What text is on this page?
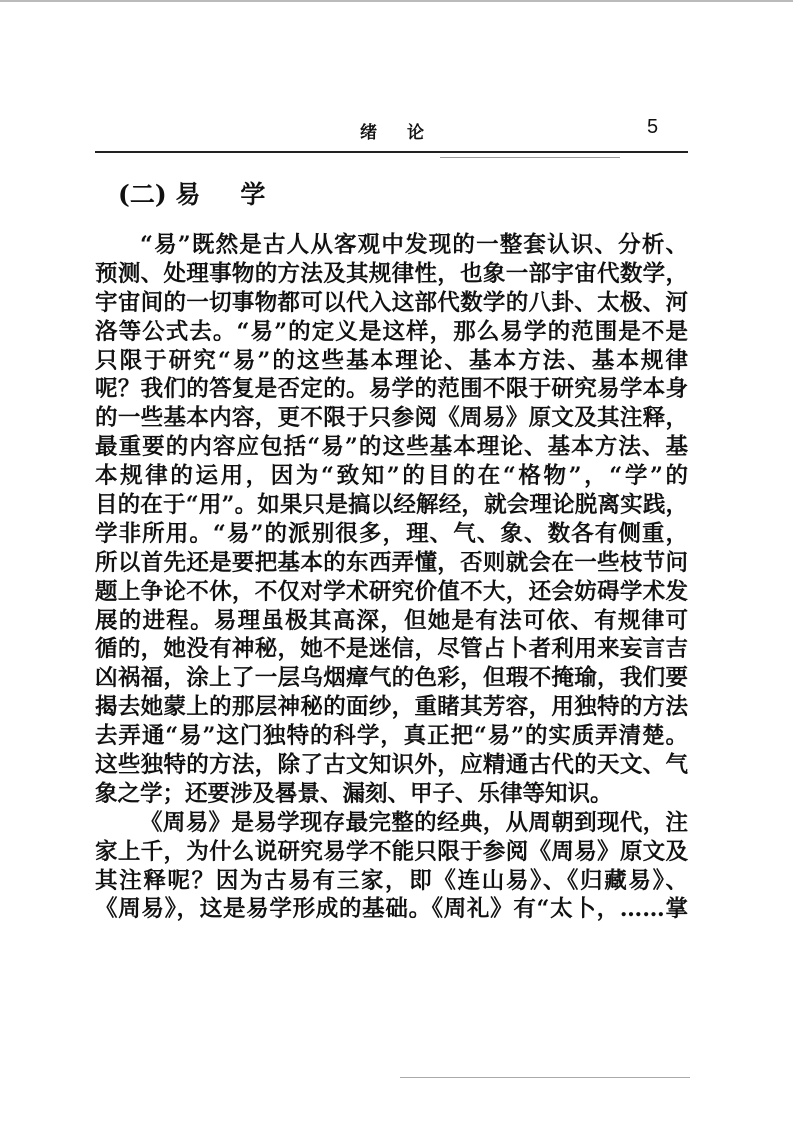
绪论	5
(二) 易 学
“易”既然是古人从客观中发现的一整套认识、分析、
预测、处理事物的方法及其规律性，也象一部宇宙代数学，
宇宙间的一切事物都可以代入这部代数学的八卦、太极、河
洛等公式去。“易”的定义是这样，那么易学的范围是不是
只限于研究“易”的这些基本理论、基本方法、基本规律
呢？我们的答复是否定的。易学的范围不限于研究易学本身
的一些基本内容，更不限于只参阅《周易》原文及其注释，
最重要的内容应包括“易”的这些基本理论、基本方法、基
本规律的运用，因为“致知”的目的在“格物”，“学”的
目的在于“用”。如果只是搞以经解经，就会理论脱离实践，
学非所用。“易”的派别很多，理、气、象、数各有侧重，
所以首先还是要把基本的东西弄懂，否则就会在一些枝节问
题上争论不休，不仅对学术研究价值不大，还会妨碍学术发
展的进程。易理虽极其高深，但她是有法可依、有规律可
循的，她没有神秘，她不是迷信，尽管占卜者利用来妄言吉
凶祸福，涂上了一层乌烟瘴气的色彩，但瑕不掩瑜，我们要
揭去她蒙上的那层神秘的面纱，重睹其芳容，用独特的方法
去弄通“易”这门独特的科学，真正把“易”的实质弄清楚。
这些独特的方法，除了古文知识外，应精通古代的天文、气
象之学；还要涉及晷景、漏刻、甲子、乐律等知识。
《周易》是易学现存最完整的经典，从周朝到现代，注
家上千，为什么说研究易学不能只限于参阅《周易》原文及
其注释呢？因为古易有三家，即《连山易》、《归藏易》、
《周易》，这是易学形成的基础。《周礼》有“太卜，……掌
